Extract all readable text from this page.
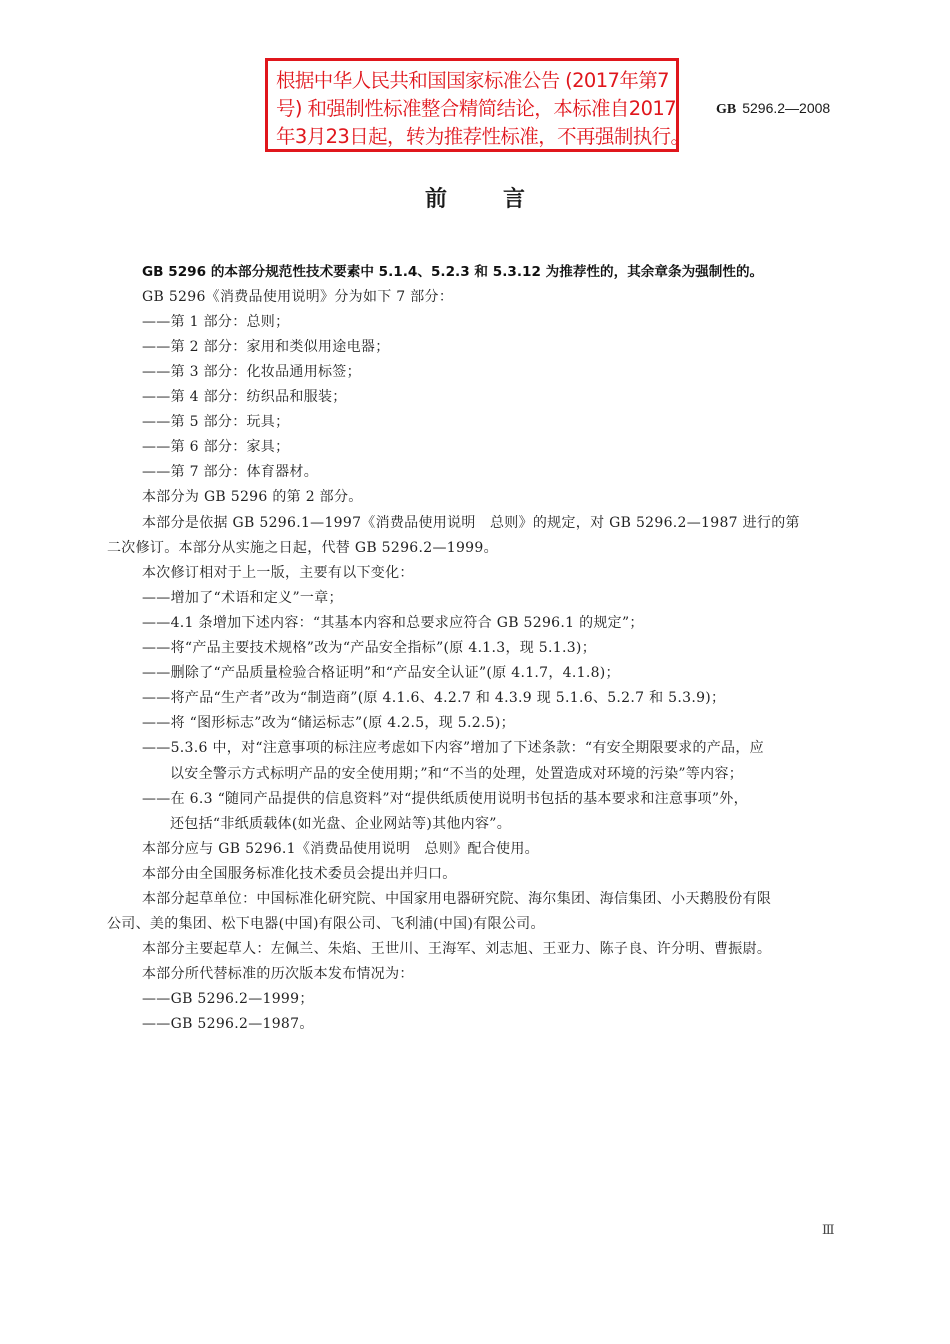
根据中华人民共和国国家标准公告 (2017年第7
号) 和强制性标准整合精简结论，本标准自2017
年3月23日起，转为推荐性标准，不再强制执行。
GB 5296.2—2008
前言
GB 5296 的本部分规范性技术要素中 5.1.4、5.2.3 和 5.3.12 为推荐性的，其余章条为强制性的。
GB 5296《消费品使用说明》分为如下 7 部分：
——第 1 部分：总则；
——第 2 部分：家用和类似用途电器；
——第 3 部分：化妆品通用标签；
——第 4 部分：纺织品和服装；
——第 5 部分：玩具；
——第 6 部分：家具；
——第 7 部分：体育器材。
本部分为 GB 5296 的第 2 部分。
本部分是依据 GB 5296.1—1997《消费品使用说明　总则》的规定，对 GB 5296.2—1987 进行的第
二次修订。本部分从实施之日起，代替 GB 5296.2—1999。
本次修订相对于上一版，主要有以下变化：
——增加了“术语和定义”一章；
——4.1 条增加下述内容：“其基本内容和总要求应符合 GB 5296.1 的规定”；
——将“产品主要技术规格”改为“产品安全指标”(原 4.1.3，现 5.1.3)；
——删除了“产品质量检验合格证明”和“产品安全认证”(原 4.1.7，4.1.8)；
——将产品“生产者”改为“制造商”(原 4.1.6、4.2.7 和 4.3.9 现 5.1.6、5.2.7 和 5.3.9)；
——将 “图形标志”改为“储运标志”(原 4.2.5，现 5.2.5)；
——5.3.6 中，对“注意事项的标注应考虑如下内容”增加了下述条款：“有安全期限要求的产品，应
以安全警示方式标明产品的安全使用期；”和“不当的处理，处置造成对环境的污染”等内容；
——在 6.3 “随同产品提供的信息资料”对“提供纸质使用说明书包括的基本要求和注意事项”外，
还包括“非纸质载体(如光盘、企业网站等)其他内容”。
本部分应与 GB 5296.1《消费品使用说明　总则》配合使用。
本部分由全国服务标准化技术委员会提出并归口。
本部分起草单位：中国标准化研究院、中国家用电器研究院、海尔集团、海信集团、小天鹅股份有限
公司、美的集团、松下电器(中国)有限公司、飞利浦(中国)有限公司。
本部分主要起草人：左佩兰、朱焰、王世川、王海军、刘志旭、王亚力、陈子良、许分明、曹振尉。
本部分所代替标准的历次版本发布情况为：
——GB 5296.2—1999；
——GB 5296.2—1987。
Ⅲ
